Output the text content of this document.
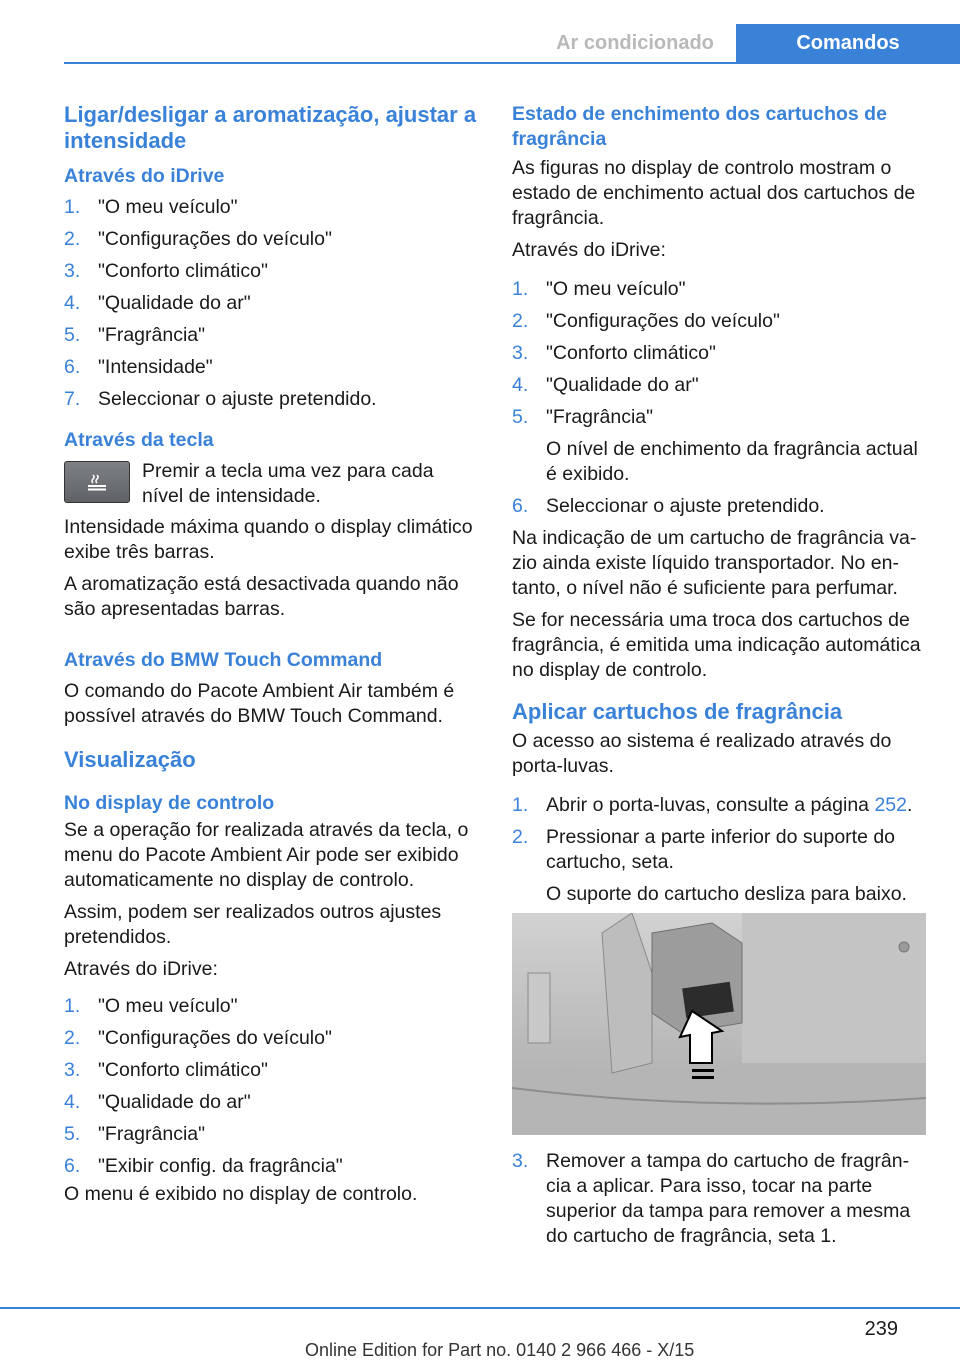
Ar condicionado	Comandos
Ligar/desligar a aromatização, ajustar a intensidade
Através do iDrive
1. "O meu veículo"
2. "Configurações do veículo"
3. "Conforto climático"
4. "Qualidade do ar"
5. "Fragrância"
6. "Intensidade"
7. Seleccionar o ajuste pretendido.
Através da tecla
Premir a tecla uma vez para cada nível de intensidade.

Intensidade máxima quando o display climático exibe três barras.

A aromatização está desactivada quando não são apresentadas barras.

Através do BMW Touch Command

O comando do Pacote Ambient Air também é possível através do BMW Touch Command.

Visualização
No display de controlo

Se a operação for realizada através da tecla, o menu do Pacote Ambient Air pode ser exibido automaticamente no display de controlo.

Assim, podem ser realizados outros ajustes pretendidos.

Através do iDrive:

1. "O meu veículo"
2. "Configurações do veículo"
3. "Conforto climático"
4. "Qualidade do ar"
5. "Fragrância"
6. "Exibir config. da fragrância"

O menu é exibido no display de controlo.

Estado de enchimento dos cartuchos de fragrância

As figuras no display de controlo mostram o estado de enchimento actual dos cartuchos de fragrância.

Através do iDrive:

1. "O meu veículo"
2. "Configurações do veículo"
3. "Conforto climático"
4. "Qualidade do ar"
5. "Fragrância"
O nível de enchimento da fragrância actual é exibido.
6. Seleccionar o ajuste pretendido.

Na indicação de um cartucho de fragrância vazio ainda existe líquido transportador. No entanto, o nível não é suficiente para perfumar.

Se for necessária uma troca dos cartuchos de fragrância, é emitida uma indicação automática no display de controlo.

Aplicar cartuchos de fragrância

O acesso ao sistema é realizado através do porta-luvas.

1. Abrir o porta-luvas, consulte a página 252.
2. Pressionar a parte inferior do suporte do cartucho, seta.
O suporte do cartucho desliza para baixo.
3. Remover a tampa do cartucho de fragrância a aplicar. Para isso, tocar na parte superior da tampa para remover a mesma do cartucho de fragrância, seta 1.
239
Online Edition for Part no. 0140 2 966 466 - X/15
